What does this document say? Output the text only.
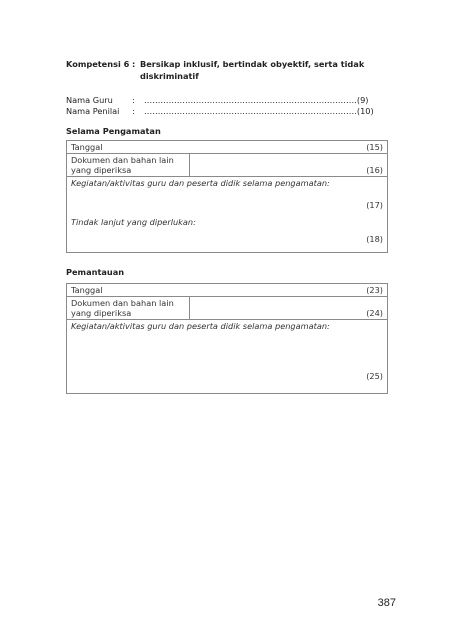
Kompetensi 6 : Bersikap inklusif, bertindak obyektif, serta tidak
diskriminatif
Nama Guru : ……………………………………………………………………(9)
Nama Penilai : ……………………………………………………………………(10)
Selama Pengamatan
Tanggal	(15)

Dokumen dan bahan lain
yang diperiksa	(16)

Kegiatan/aktivitas guru dan peserta didik selama pengamatan:
(17)

Tindak lanjut yang diperlukan:
(18)
Pemantauan
Tanggal	(23)

Dokumen dan bahan lain
yang diperiksa	(24)

Kegiatan/aktivitas guru dan peserta didik selama pengamatan:
(25)
387
